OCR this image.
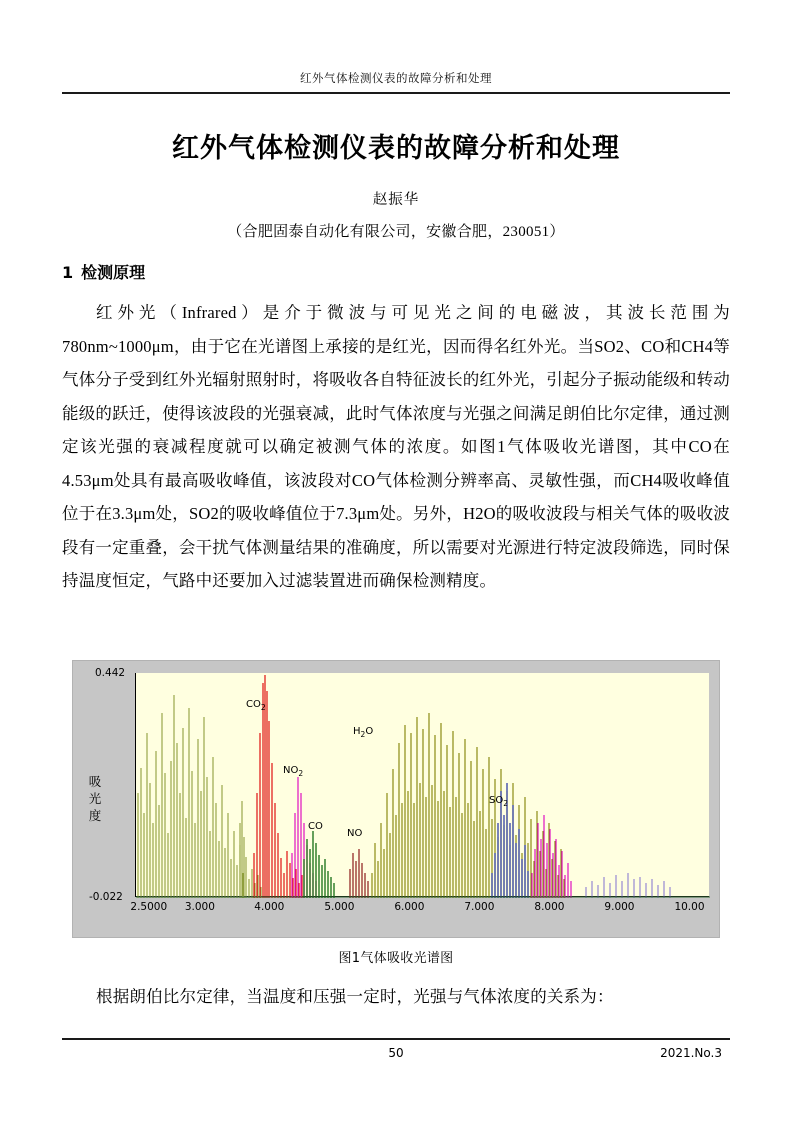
红外气体检测仪表的故障分析和处理
红外气体检测仪表的故障分析和处理
赵振华
（合肥固泰自动化有限公司，安徽合肥，230051）
1 检测原理
红外光（Infrared）是介于微波与可见光之间的电磁波，其波长范围为780nm~1000μm，由于它在光谱图上承接的是红光，因而得名红外光。当SO2、CO和CH4等气体分子受到红外光辐射照射时，将吸收各自特征波长的红外光，引起分子振动能级和转动能级的跃迁，使得该波段的光强衰减，此时气体浓度与光强之间满足朗伯比尔定律，通过测定该光强的衰减程度就可以确定被测气体的浓度。如图1气体吸收光谱图，其中CO在4.53μm处具有最高吸收峰值，该波段对CO气体检测分辨率高、灵敏性强，而CH4吸收峰值位于在3.3μm处，SO2的吸收峰值位于7.3μm处。另外，H2O的吸收波段与相关气体的吸收波段有一定重叠，会干扰气体测量结果的准确度，所以需要对光源进行特定波段筛选，同时保持温度恒定，气路中还要加入过滤装置进而确保检测精度。
吸
光
度
0.442
-0.022
$CO_2$
$NO_2$
CO
NO
$H_2O$
$SO_2$
2.5000 3.000	4.000	5.000	6.000	7.000	8.000	9.000	10.00
图1气体吸收光谱图
根据朗伯比尔定律，当温度和压强一定时，光强与气体浓度的关系为：
50	2021.No.3
